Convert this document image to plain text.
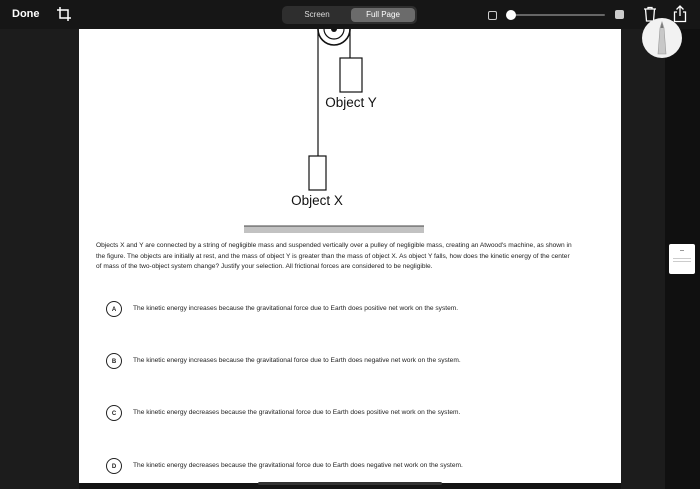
Done	Screen	Full Page
Object Y
Object X
Objects X and Y are connected by a string of negligible mass and suspended vertically over a pulley of negligible mass, creating an Atwood's machine, as shown in the figure. The objects are initially at rest, and the mass of object Y is greater than the mass of object X. As object Y falls, how does the kinetic energy of the center of mass of the two-object system change? Justify your selection. All frictional forces are considered to be negligible.
A	The kinetic energy increases because the gravitational force due to Earth does positive net work on the system.
B	The kinetic energy increases because the gravitational force due to Earth does negative net work on the system.
C	The kinetic energy decreases because the gravitational force due to Earth does positive net work on the system.
D	The kinetic energy decreases because the gravitational force due to Earth does negative net work on the system.
